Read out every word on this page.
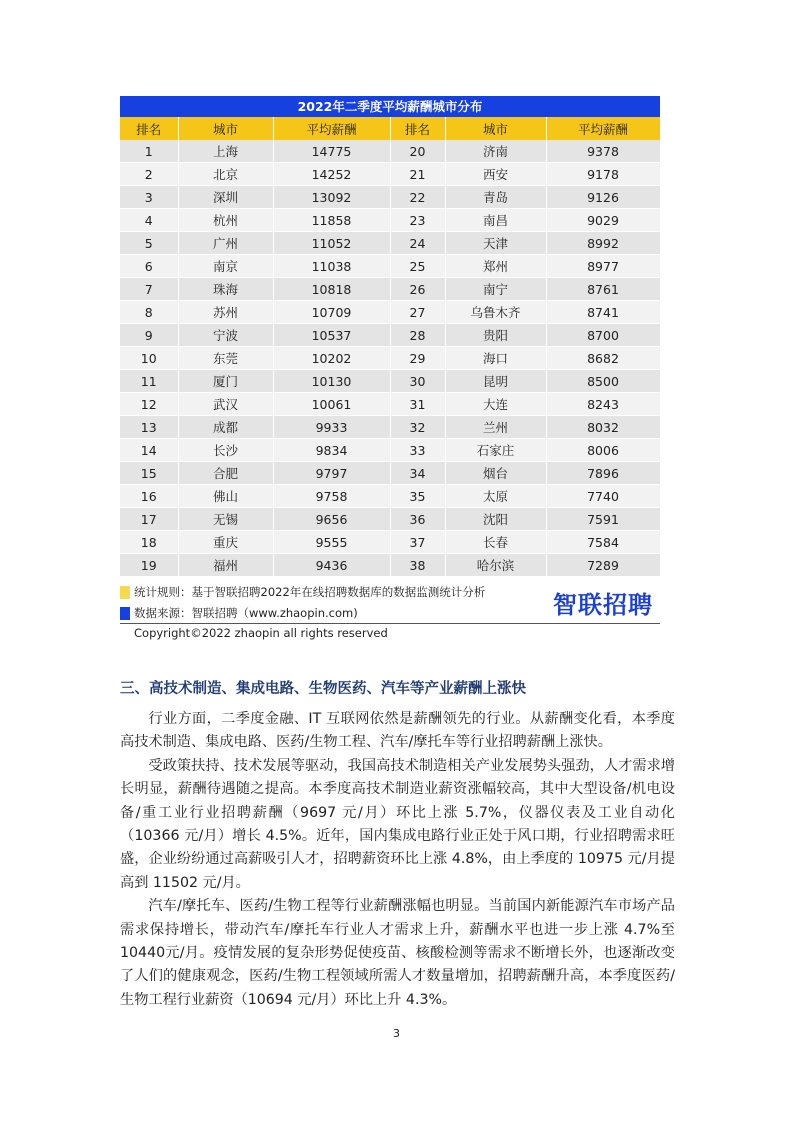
2022年二季度平均薪酬城市分布
排名	城市	平均薪酬	排名	城市	平均薪酬
1	上海	14775	20	济南	9378
2	北京	14252	21	西安	9178
3	深圳	13092	22	青岛	9126
4	杭州	11858	23	南昌	9029
5	广州	11052	24	天津	8992
6	南京	11038	25	郑州	8977
7	珠海	10818	26	南宁	8761
8	苏州	10709	27	乌鲁木齐	8741
9	宁波	10537	28	贵阳	8700
10	东莞	10202	29	海口	8682
11	厦门	10130	30	昆明	8500
12	武汉	10061	31	大连	8243
13	成都	9933	32	兰州	8032
14	长沙	9834	33	石家庄	8006
15	合肥	9797	34	烟台	7896
16	佛山	9758	35	太原	7740
17	无锡	9656	36	沈阳	7591
18	重庆	9555	37	长春	7584
19	福州	9436	38	哈尔滨	7289
统计规则：基于智联招聘2022年在线招聘数据库的数据监测统计分析
数据来源：智联招聘（www.zhaopin.com)	智联招聘
Copyright©2022 zhaopin all rights reserved
三、高技术制造、集成电路、生物医药、汽车等产业薪酬上涨快

行业方面，二季度金融、IT 互联网依然是薪酬领先的行业。从薪酬变化看，本季度高技术制造、集成电路、医药/生物工程、汽车/摩托车等行业招聘薪酬上涨快。

受政策扶持、技术发展等驱动，我国高技术制造相关产业发展势头强劲，人才需求增长明显，薪酬待遇随之提高。本季度高技术制造业薪资涨幅较高，其中大型设备/机电设备/重工业行业招聘薪酬（9697 元/月）环比上涨 5.7%，仪器仪表及工业自动化（10366 元/月）增长 4.5%。近年，国内集成电路行业正处于风口期，行业招聘需求旺盛，企业纷纷通过高薪吸引人才，招聘薪资环比上涨 4.8%，由上季度的 10975 元/月提高到 11502 元/月。

汽车/摩托车、医药/生物工程等行业薪酬涨幅也明显。当前国内新能源汽车市场产品需求保持增长，带动汽车/摩托车行业人才需求上升，薪酬水平也进一步上涨 4.7%至 10440元/月。疫情发展的复杂形势促使疫苗、核酸检测等需求不断增长外，也逐渐改变了人们的健康观念，医药/生物工程领域所需人才数量增加，招聘薪酬升高，本季度医药/生物工程行业薪资（10694 元/月）环比上升 4.3%。

3
